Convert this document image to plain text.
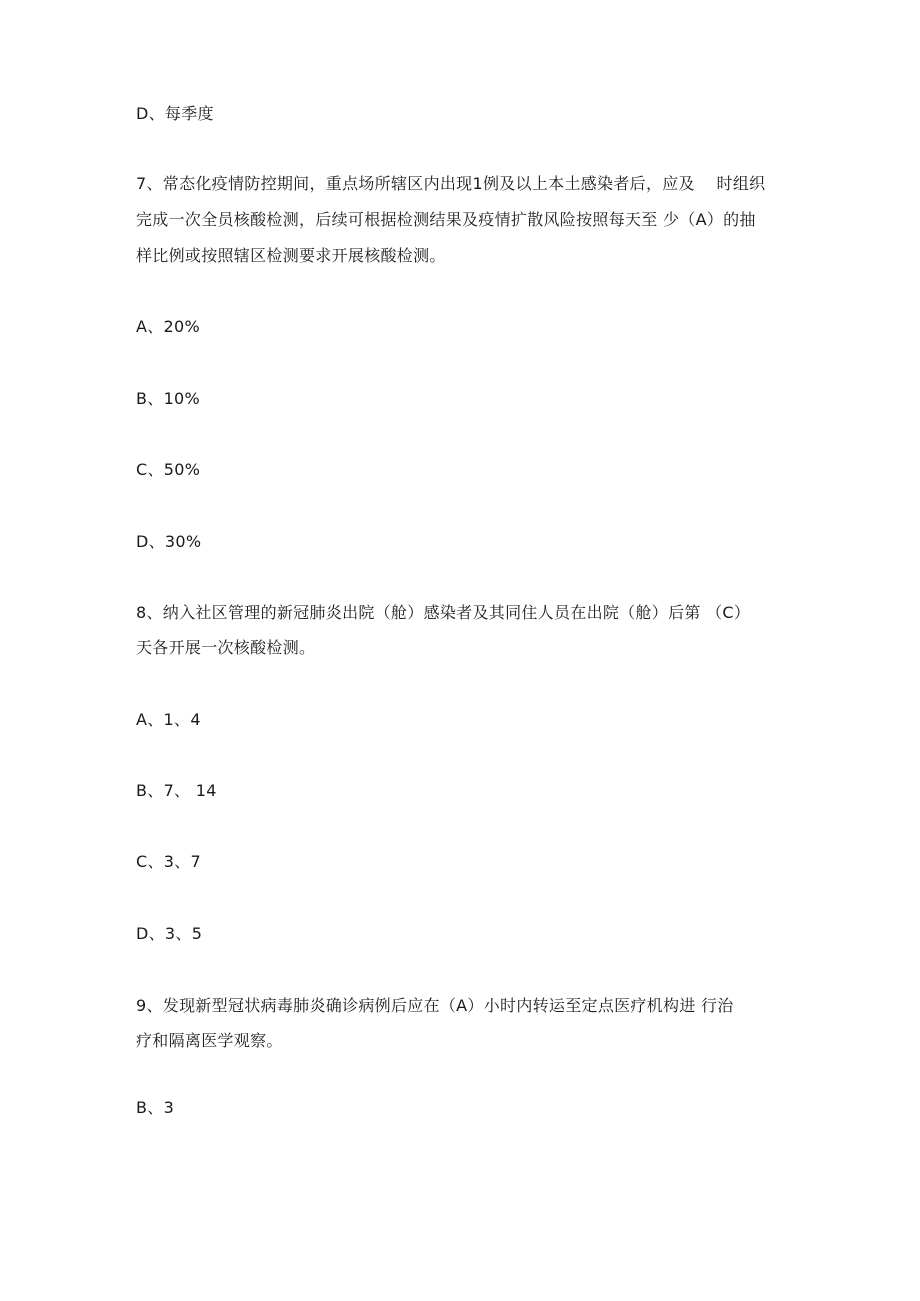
D、每季度
7、常态化疫情防控期间，重点场所辖区内出现1例及以上本土感染者后，应及　 时组织
完成一次全员核酸检测，后续可根据检测结果及疫情扩散风险按照每天至 少（A）的抽
样比例或按照辖区检测要求开展核酸检测。
A、20%
B、10%
C、50%
D、30%
8、纳入社区管理的新冠肺炎出院（舱）感染者及其同住人员在出院（舱）后第 （C）
天各开展一次核酸检测。
A、1、4
B、7、 14
C、3、7
D、3、5
9、发现新型冠状病毒肺炎确诊病例后应在（A）小时内转运至定点医疗机构进 行治
疗和隔离医学观察。
B、3
